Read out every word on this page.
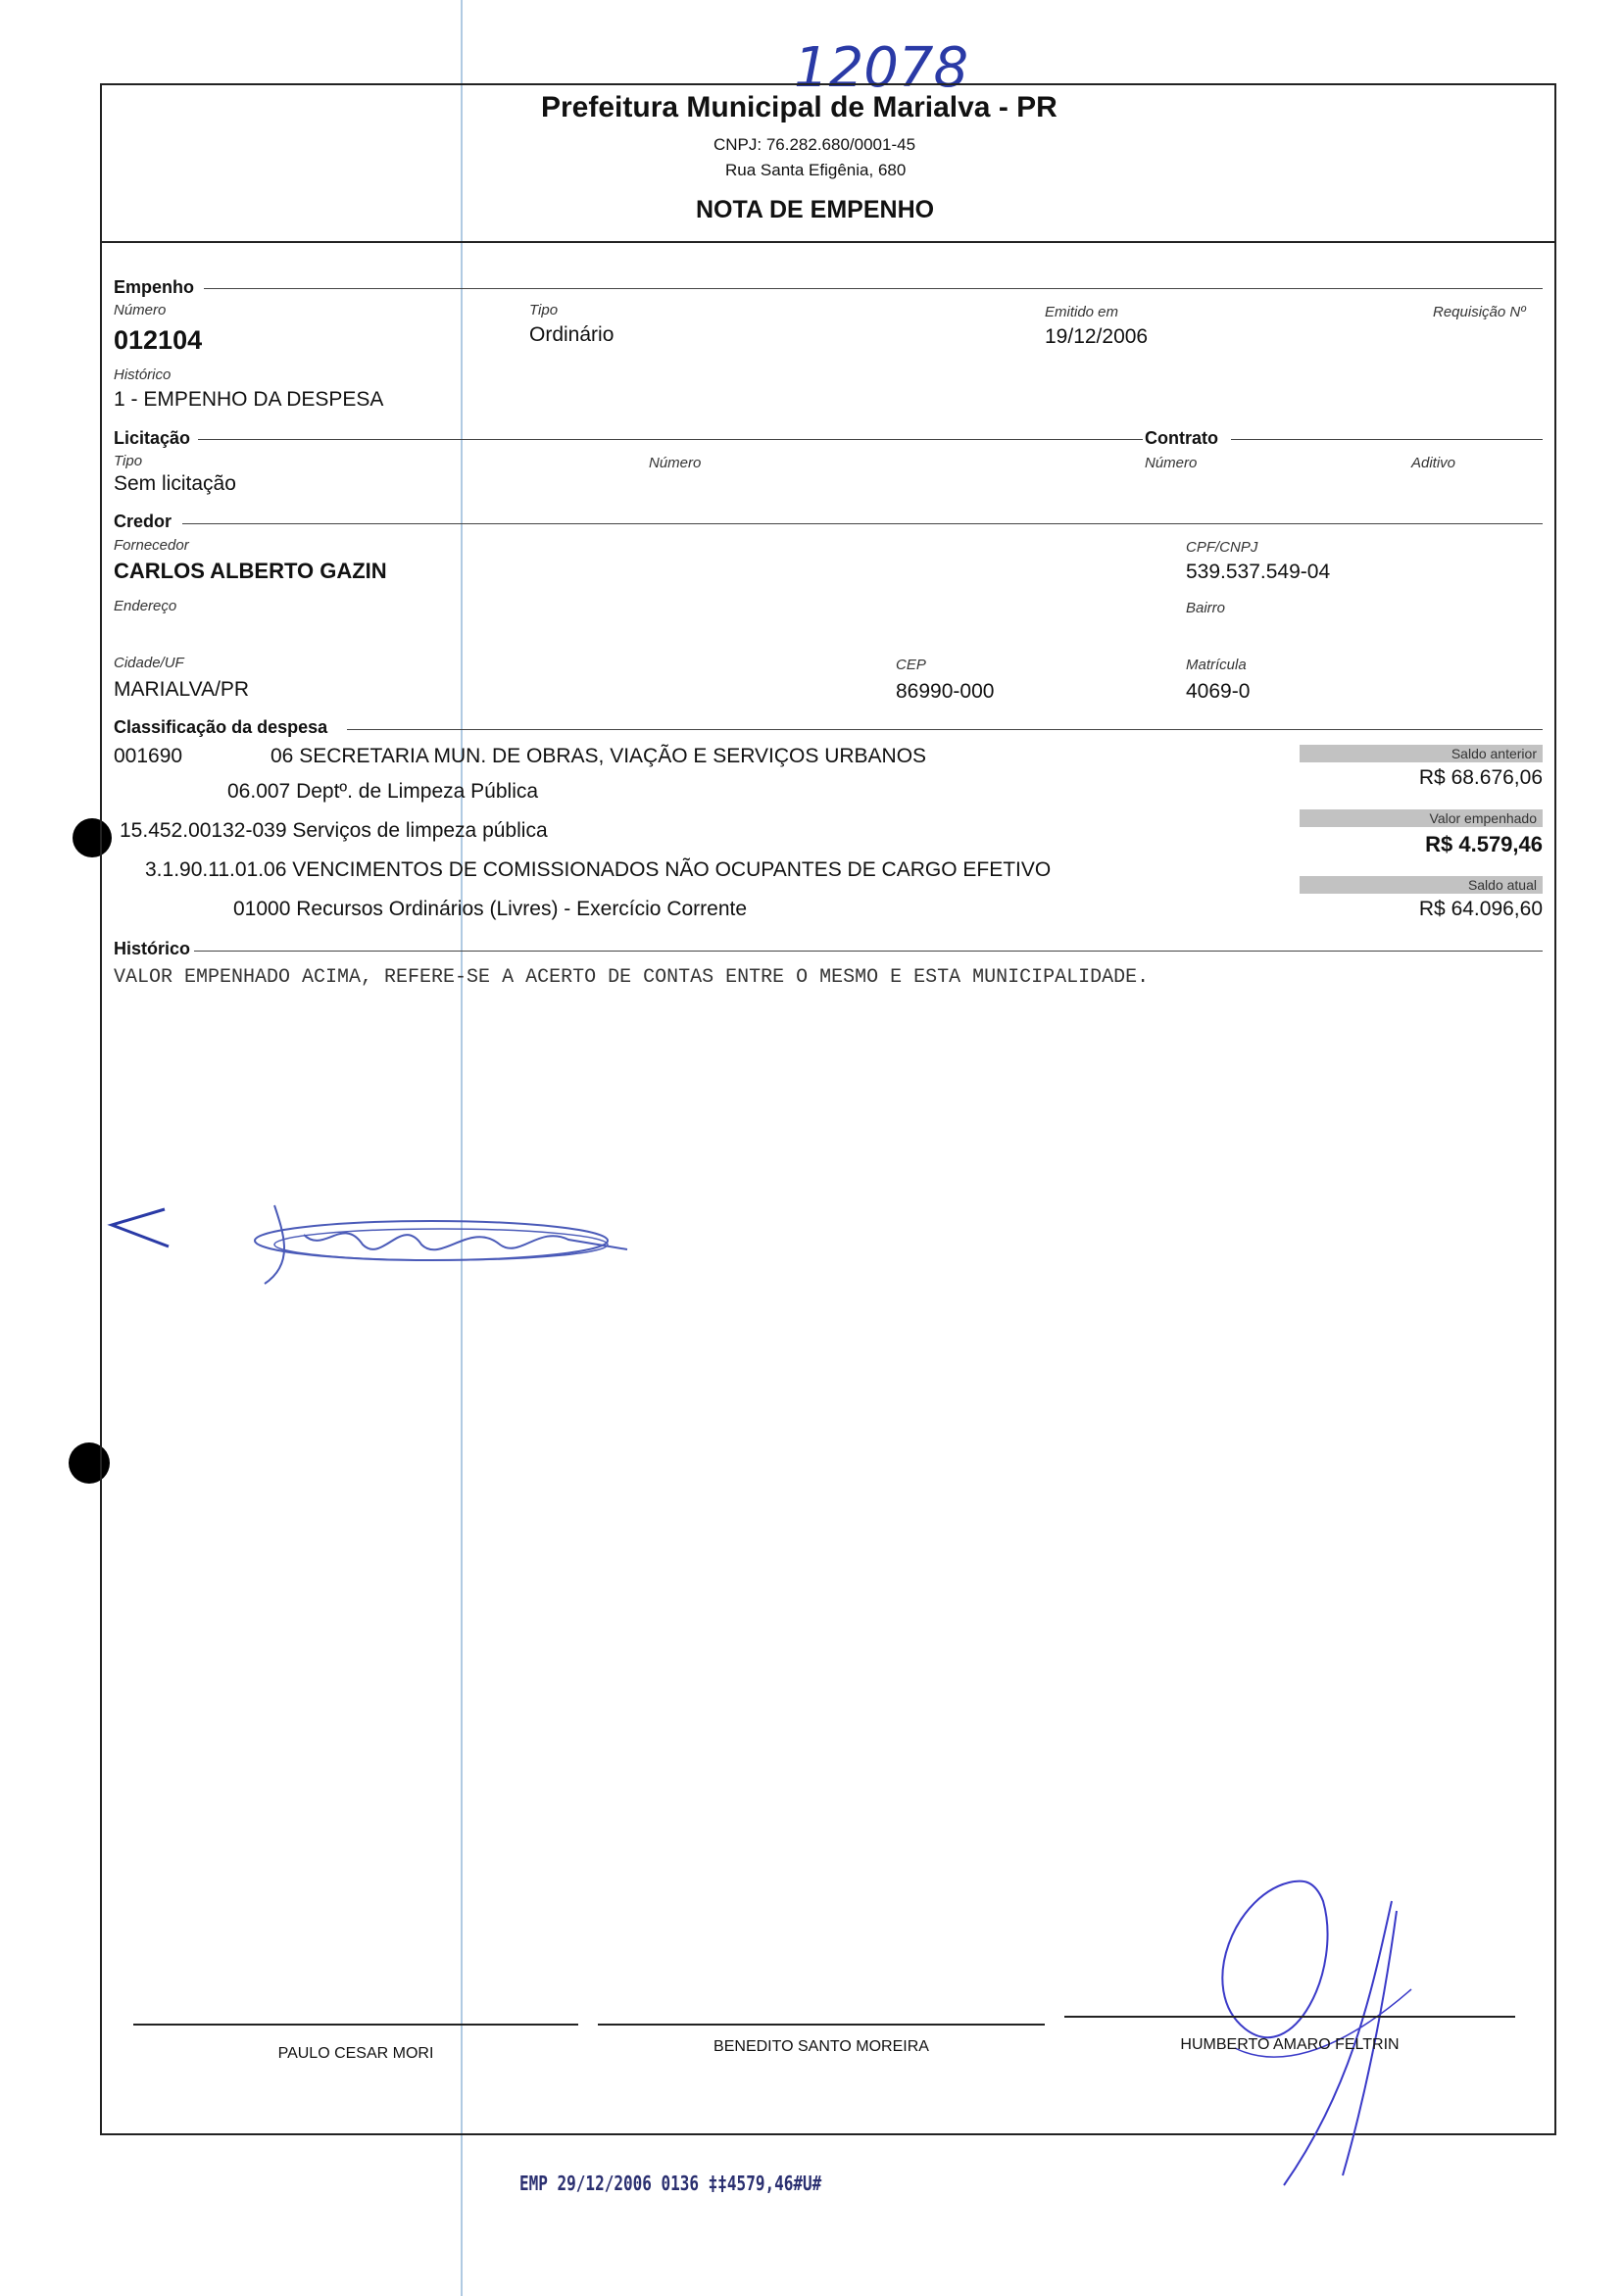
12078
Prefeitura Municipal de Marialva - PR
CNPJ: 76.282.680/0001-45
Rua Santa Efigênia, 680
NOTA DE EMPENHO
Empenho
Número
012104
Tipo
Ordinário
Emitido em
19/12/2006
Requisição Nº
Histórico
1 - EMPENHO DA DESPESA
Licitação	Contrato
Tipo
Sem licitação
Número	Número	Aditivo
Credor
Fornecedor
CARLOS ALBERTO GAZIN
CPF/CNPJ
539.537.549-04
Endereço	Bairro
Cidade/UF
MARIALVA/PR
CEP
86990-000
Matrícula
4069-0
Classificação da despesa
001690	06 SECRETARIA MUN. DE OBRAS, VIAÇÃO E SERVIÇOS URBANOS
06.007 Deptº. de Limpeza Pública
15.452.00132-039 Serviços de limpeza pública
3.1.90.11.01.06 VENCIMENTOS DE COMISSIONADOS NÃO OCUPANTES DE CARGO EFETIVO
01000 Recursos Ordinários (Livres) - Exercício Corrente
Saldo anterior
R$ 68.676,06
Valor empenhado
R$ 4.579,46
Saldo atual
R$ 64.096,60
Histórico
VALOR EMPENHADO ACIMA, REFERE-SE A ACERTO DE CONTAS ENTRE O MESMO E ESTA MUNICIPALIDADE.
PAULO CESAR MORI	BENEDITO SANTO MOREIRA	HUMBERTO AMARO FELTRIN
EMP 29/12/2006 0136 ‡‡4579,46#U#
